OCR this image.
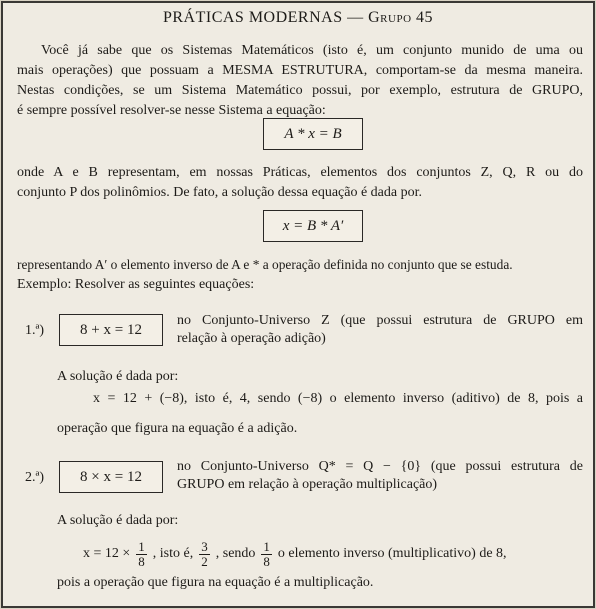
PRÁTICAS MODERNAS — Grupo 45
Você já sabe que os Sistemas Matemáticos (isto é, um conjunto munido de uma ou
mais operações) que possuam a MESMA ESTRUTURA, comportam-se da mesma maneira.
Nestas condições, se um Sistema Matemático possui, por exemplo, estrutura de GRUPO,
é sempre possível resolver-se nesse Sistema a equação:
A * x = B
onde A e B representam, em nossas Práticas, elementos dos conjuntos Z, Q, R ou do
conjunto P dos polinômios. De fato, a solução dessa equação é dada por.
x = B * A′
representando A′ o elemento inverso de A e * a operação definida no conjunto que se estuda.
Exemplo: Resolver as seguintes equações:
1.ª) 8 + x = 12
no Conjunto-Universo Z (que possui estrutura de GRUPO em
relação à operação adição)
A solução é dada por:
x = 12 + (−8), isto é, 4, sendo (−8) o elemento inverso (aditivo) de 8, pois a
operação que figura na equação é a adição.
2.ª) 8 × x = 12
no Conjunto-Universo Q* = Q − {0} (que possui estrutura de
GRUPO em relação à operação multiplicação)
A solução é dada por:
$x = 12 \times \frac{1}{8}$ , isto é, $\frac{3}{2}$ , sendo $\frac{1}{8}$ o elemento inverso (multiplicativo) de 8,
pois a operação que figura na equação é a multiplicação.
